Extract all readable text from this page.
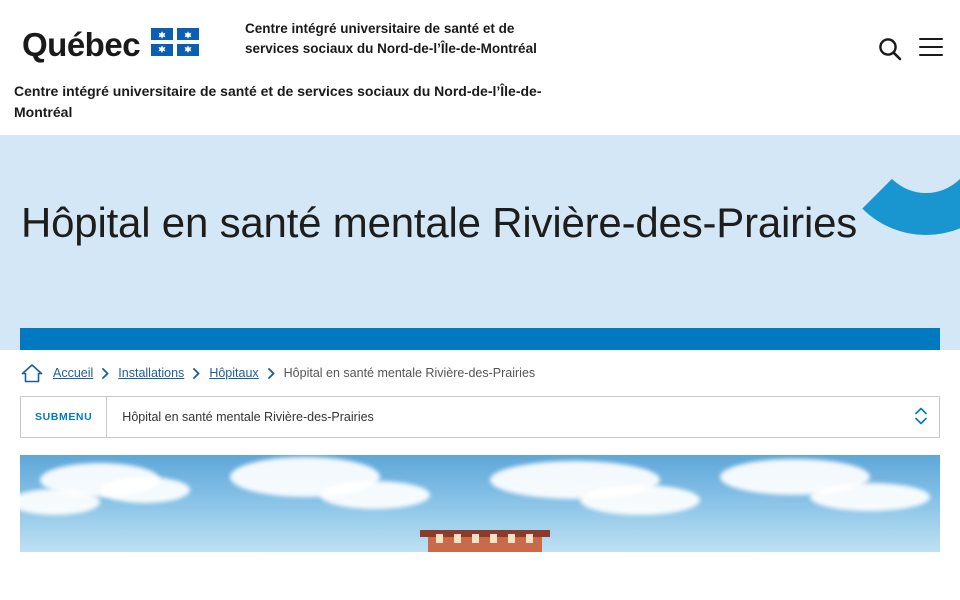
Québec	Centre intégré universitaire de santé et de services sociaux du Nord-de-l’Île-de-Montréal
Centre intégré universitaire de santé et de services sociaux du Nord-de-l’Île-de-Montréal
Hôpital en santé mentale Rivière-des-Prairies
Accueil Installations Hôpitaux Hôpital en santé mentale Rivière-des-Prairies
SUBMENU	Hôpital en santé mentale Rivière-des-Prairies
